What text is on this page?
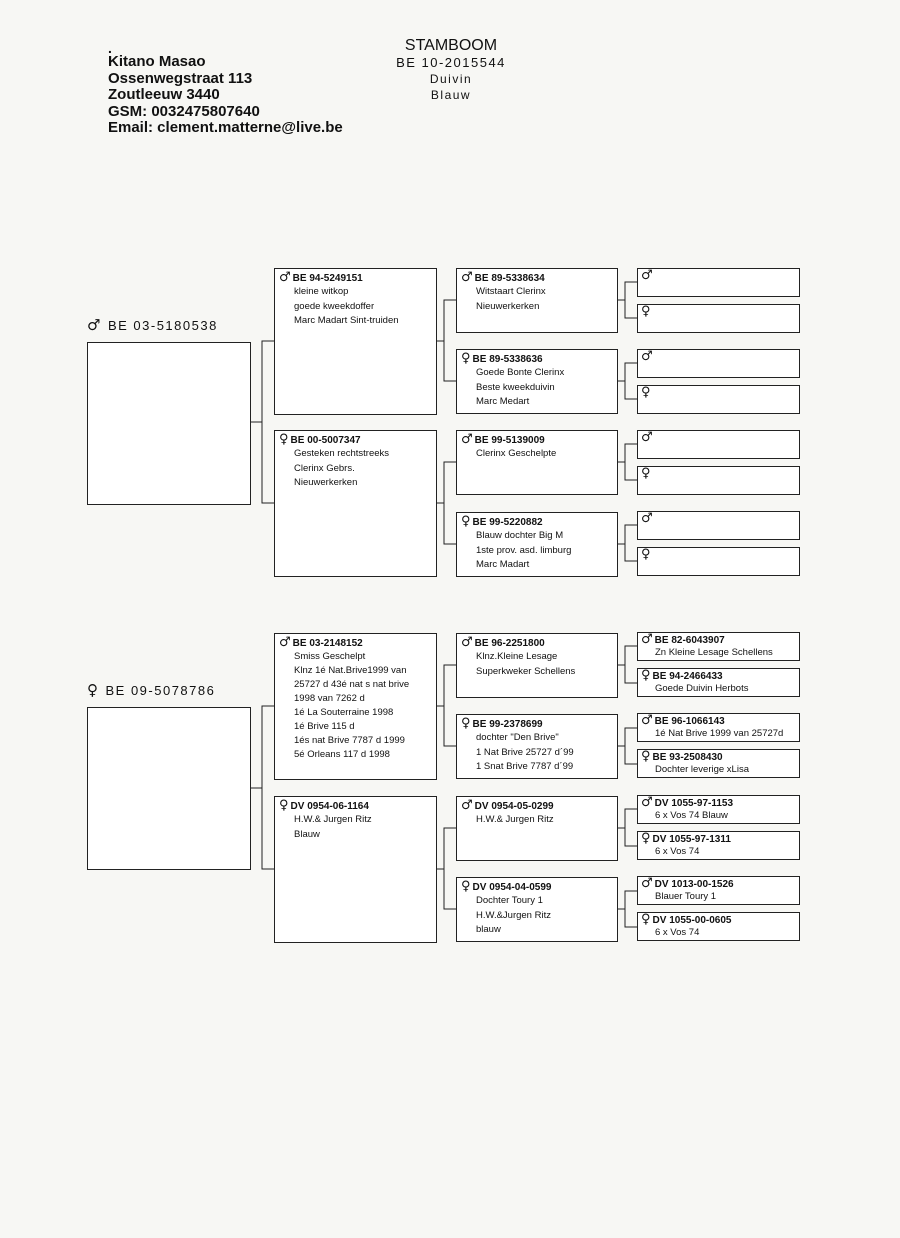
.
Kitano Masao
Ossenwegstraat 113
Zoutleeuw 3440
GSM: 0032475807640
Email: clement.matterne@live.be
STAMBOOM
BE 10-2015544
Duivin
Blauw
♂ BE 03-5180538
♂ BE 94-5249151
kleine witkop
goede kweekdoffer
Marc Madart Sint-truiden
♀ BE 00-5007347
Gesteken rechtstreeks
Clerinx Gebrs.
Nieuwerkerken
♂ BE 89-5338634
Witstaart Clerinx
Nieuwerkerken
♀ BE 89-5338636
Goede Bonte Clerinx
Beste kweekduivin
Marc Medart
♂ BE 99-5139009
Clerinx Geschelpte
♀ BE 99-5220882
Blauw dochter Big M
1ste prov. asd. limburg
Marc Madart
♂
♀
♂
♀
♂
♀
♂
♀
♀ BE 09-5078786
♂ BE 03-2148152
Smiss Geschelpt
Klnz 1é Nat.Brive1999 van
25727 d 43é nat s nat brive
1998 van 7262 d
1é La Souterraine 1998
1é Brive 115 d
1és nat Brive 7787 d 1999
5é Orleans 117 d 1998
♀ DV 0954-06-1164
H.W.& Jurgen Ritz
Blauw
♂ BE 96-2251800
Klnz.Kleine Lesage
Superkweker Schellens
♀ BE 99-2378699
dochter "Den Brive"
1 Nat Brive 25727 d´99
1 Snat Brive 7787 d´99
♂ DV 0954-05-0299
H.W.& Jurgen Ritz
♀ DV 0954-04-0599
Dochter Toury 1
H.W.&Jurgen Ritz
blauw
♂ BE 82-6043907
Zn Kleine Lesage Schellens
♀ BE 94-2466433
Goede Duivin Herbots
♂ BE 96-1066143
1é Nat Brive 1999 van 25727d
♀ BE 93-2508430
Dochter leverige xLisa
♂ DV 1055-97-1153
6 x Vos 74 Blauw
♀ DV 1055-97-1311
6 x Vos 74
♂ DV 1013-00-1526
Blauer Toury 1
♀ DV 1055-00-0605
6 x Vos 74
